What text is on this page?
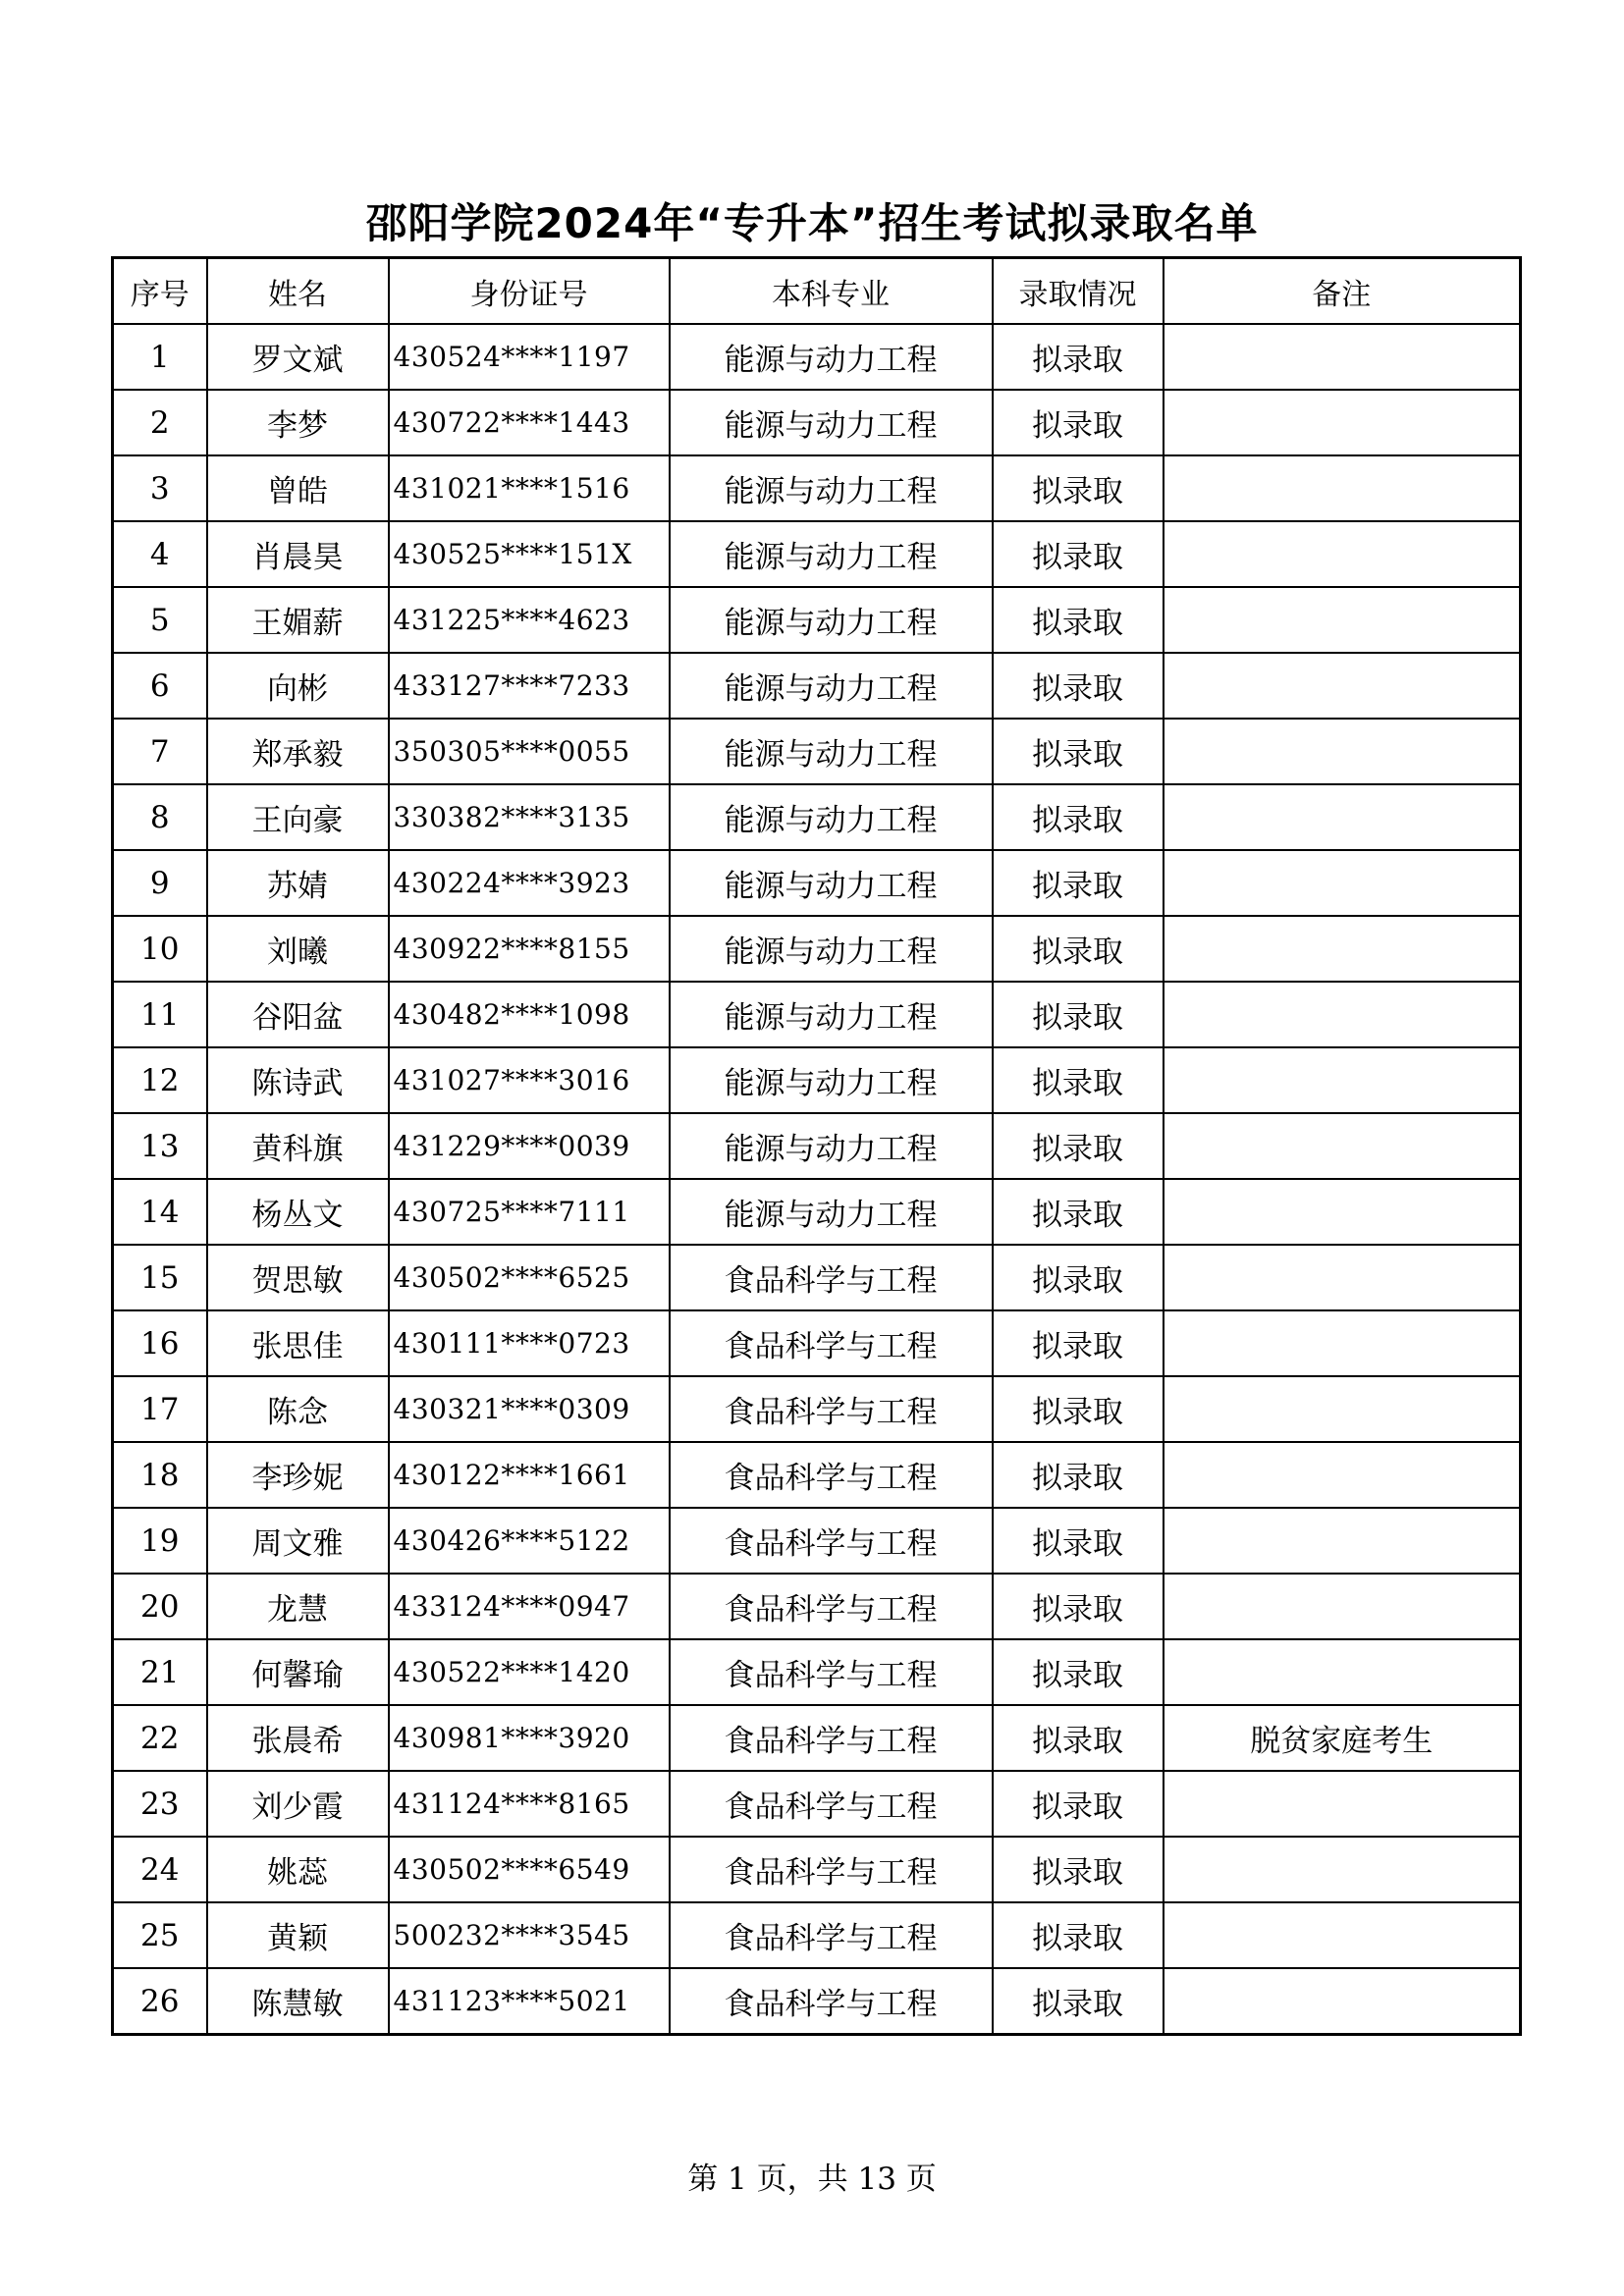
邵阳学院2024年“专升本”招生考试拟录取名单
序号	姓名	身份证号	本科专业	录取情况	备注
1	罗文斌	430524****1197	能源与动力工程	拟录取	
2	李梦	430722****1443	能源与动力工程	拟录取	
3	曾皓	431021****1516	能源与动力工程	拟录取	
4	肖晨昊	430525****151X	能源与动力工程	拟录取	
5	王媚薪	431225****4623	能源与动力工程	拟录取	
6	向彬	433127****7233	能源与动力工程	拟录取	
7	郑承毅	350305****0055	能源与动力工程	拟录取	
8	王向豪	330382****3135	能源与动力工程	拟录取	
9	苏婧	430224****3923	能源与动力工程	拟录取	
10	刘曦	430922****8155	能源与动力工程	拟录取	
11	谷阳盆	430482****1098	能源与动力工程	拟录取	
12	陈诗武	431027****3016	能源与动力工程	拟录取	
13	黄科旗	431229****0039	能源与动力工程	拟录取	
14	杨丛文	430725****7111	能源与动力工程	拟录取	
15	贺思敏	430502****6525	食品科学与工程	拟录取	
16	张思佳	430111****0723	食品科学与工程	拟录取	
17	陈念	430321****0309	食品科学与工程	拟录取	
18	李珍妮	430122****1661	食品科学与工程	拟录取	
19	周文雅	430426****5122	食品科学与工程	拟录取	
20	龙慧	433124****0947	食品科学与工程	拟录取	
21	何馨瑜	430522****1420	食品科学与工程	拟录取	
22	张晨希	430981****3920	食品科学与工程	拟录取	脱贫家庭考生
23	刘少霞	431124****8165	食品科学与工程	拟录取	
24	姚蕊	430502****6549	食品科学与工程	拟录取	
25	黄颖	500232****3545	食品科学与工程	拟录取	
26	陈慧敏	431123****5021	食品科学与工程	拟录取	
第 1 页，共 13 页
